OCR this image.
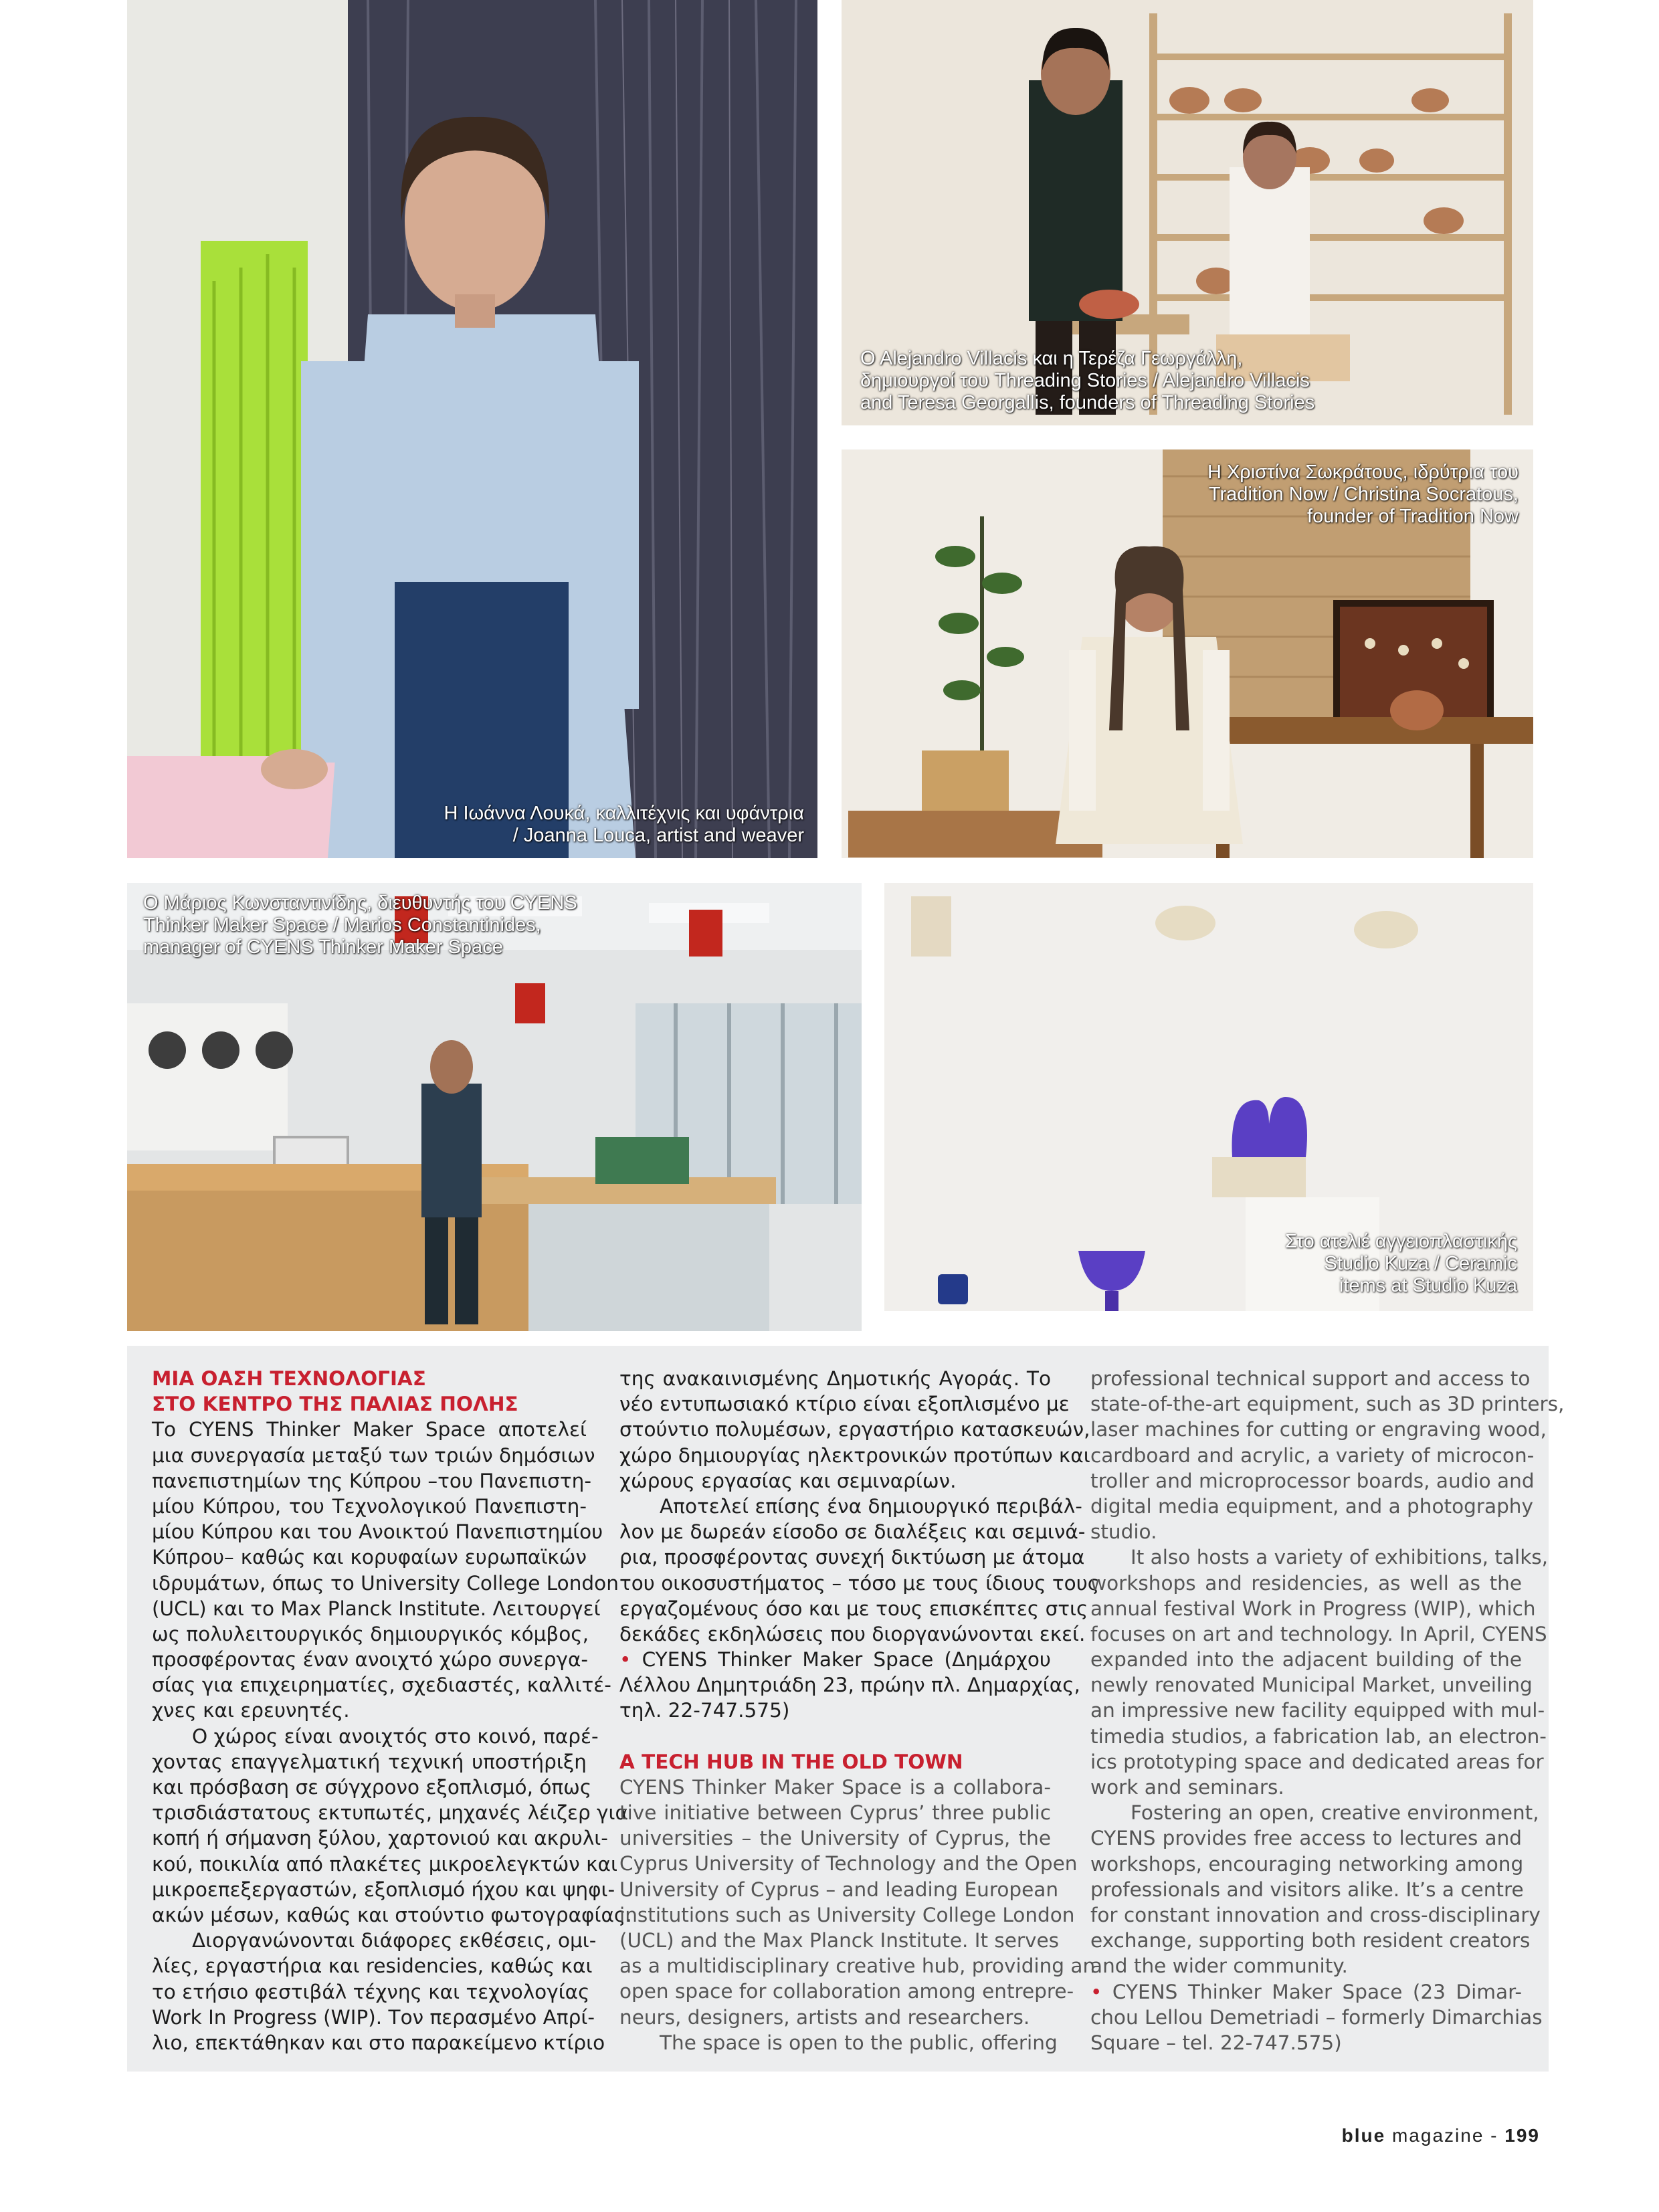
Η Ιωάννα Λουκά, καλλιτέχνις και υφάντρια
/ Joanna Louca, artist and weaver
O Alejandro Villacis και η Τερέζα Γεωργάλλη,
δημιουργοί του Threading Stories / Alejandro Villacis
and Teresa Georgallis, founders of Threading Stories
Η Χριστίνα Σωκράτους, ιδρύτρια του
Tradition Now / Christina Socratous,
founder of Tradition Now
Ο Μάριος Κωνσταντινίδης, διευθυντής του CYENS
Thinker Maker Space / Marios Constantinides,
manager of CYENS Thinker Maker Space
Στο ατελιέ αγγειοπλαστικής
Studio Kuza / Ceramic
items at Studio Kuza
ΜΙΑ ΟΑΣΗ ΤΕΧΝΟΛΟΓΙΑΣ
ΣΤΟ ΚΕΝΤΡΟ ΤΗΣ ΠΑΛΙΑΣ ΠΟΛΗΣ
Το CYENS Thinker Maker Space αποτελεί
μια συνεργασία μεταξύ των τριών δημόσιων
πανεπιστημίων της Κύπρου –του Πανεπιστη-
μίου Κύπρου, του Τεχνολογικού Πανεπιστη-
μίου Κύπρου και του Ανοικτού Πανεπιστημίου
Κύπρου– καθώς και κορυφαίων ευρωπαϊκών
ιδρυμάτων, όπως το University College London
(UCL) και το Max Planck Institute. Λειτουργεί
ως πολυλειτουργικός δημιουργικός κόμβος,
προσφέροντας έναν ανοιχτό χώρο συνεργα-
σίας για επιχειρηματίες, σχεδιαστές, καλλιτέ-
χνες και ερευνητές.
Ο χώρος είναι ανοιχτός στο κοινό, παρέ-
χοντας επαγγελματική τεχνική υποστήριξη
και πρόσβαση σε σύγχρονο εξοπλισμό, όπως
τρισδιάστατους εκτυπωτές, μηχανές λέιζερ για
κοπή ή σήμανση ξύλου, χαρτονιού και ακρυλι-
κού, ποικιλία από πλακέτες μικροελεγκτών και
μικροεπεξεργαστών, εξοπλισμό ήχου και ψηφι-
ακών μέσων, καθώς και στούντιο φωτογραφίας.
Διοργανώνονται διάφορες εκθέσεις, ομι-
λίες, εργαστήρια και residencies, καθώς και
το ετήσιο φεστιβάλ τέχνης και τεχνολογίας
Work In Progress (WIP). Τον περασμένο Απρί-
λιο, επεκτάθηκαν και στο παρακείμενο κτίριο
της ανακαινισμένης Δημοτικής Αγοράς. Το
νέο εντυπωσιακό κτίριο είναι εξοπλισμένο με
στούντιο πολυμέσων, εργαστήριο κατασκευών,
χώρο δημιουργίας ηλεκτρονικών προτύπων και
χώρους εργασίας και σεμιναρίων.
Αποτελεί επίσης ένα δημιουργικό περιβάλ-
λον με δωρεάν είσοδο σε διαλέξεις και σεμινά-
ρια, προσφέροντας συνεχή δικτύωση με άτομα
του οικοσυστήματος – τόσο με τους ίδιους τους
εργαζομένους όσο και με τους επισκέπτες στις
δεκάδες εκδηλώσεις που διοργανώνονται εκεί.
• CYENS Thinker Maker Space (Δημάρχου
Λέλλου Δημητριάδη 23, πρώην πλ. Δημαρχίας,
τηλ. 22-747.575)
A TECH HUB IN THE OLD TOWN
CYENS Thinker Maker Space is a collabora-
tive initiative between Cyprus’ three public
universities – the University of Cyprus, the
Cyprus University of Technology and the Open
University of Cyprus – and leading European
institutions such as University College London
(UCL) and the Max Planck Institute. It serves
as a multidisciplinary creative hub, providing an
open space for collaboration among entrepre-
neurs, designers, artists and researchers.
The space is open to the public, offering
professional technical support and access to
state-of-the-art equipment, such as 3D printers,
laser machines for cutting or engraving wood,
cardboard and acrylic, a variety of microcon-
troller and microprocessor boards, audio and
digital media equipment, and a photography
studio.
It also hosts a variety of exhibitions, talks,
workshops and residencies, as well as the
annual festival Work in Progress (WIP), which
focuses on art and technology. In April, CYENS
expanded into the adjacent building of the
newly renovated Municipal Market, unveiling
an impressive new facility equipped with mul-
timedia studios, a fabrication lab, an electron-
ics prototyping space and dedicated areas for
work and seminars.
Fostering an open, creative environment,
CYENS provides free access to lectures and
workshops, encouraging networking among
professionals and visitors alike. It’s a centre
for constant innovation and cross-disciplinary
exchange, supporting both resident creators
and the wider community.
• CYENS Thinker Maker Space (23 Dimar-
chou Lellou Demetriadi – formerly Dimarchias
Square – tel. 22-747.575)
blue magazine - 199
